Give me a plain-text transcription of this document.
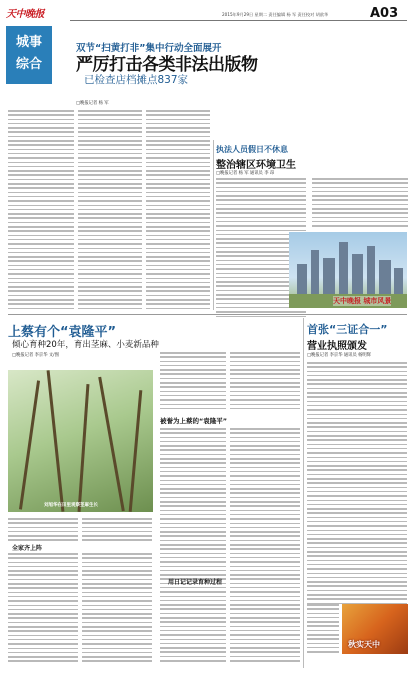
天中晚报
城事
综合
2015年9月29日 星期二 责任编辑 杨 军 责任校对 胡歆华	A03
双节“扫黄打非”集中行动全面展开
严厉打击各类非法出版物
已检查店档摊点837家
□晚报记者 杨 军
执法人员假日不休息
整治辖区环境卫生
□晚报记者 杨 军 通讯员 李 昂
天中晚报 城市风景
上蔡有个“袁隆平”
倾心育种20年，育出茎麻、小麦新品种
□晚报记者 李京华 文/图
刘旭华在田里观察茎麻生长
被誉为上蔡的“袁隆平”
用日记记录育种过程
全家齐上阵
首张“三证合一”
营业执照颁发
□晚报记者 李京华 通讯员 杨明辉
秋实天中
